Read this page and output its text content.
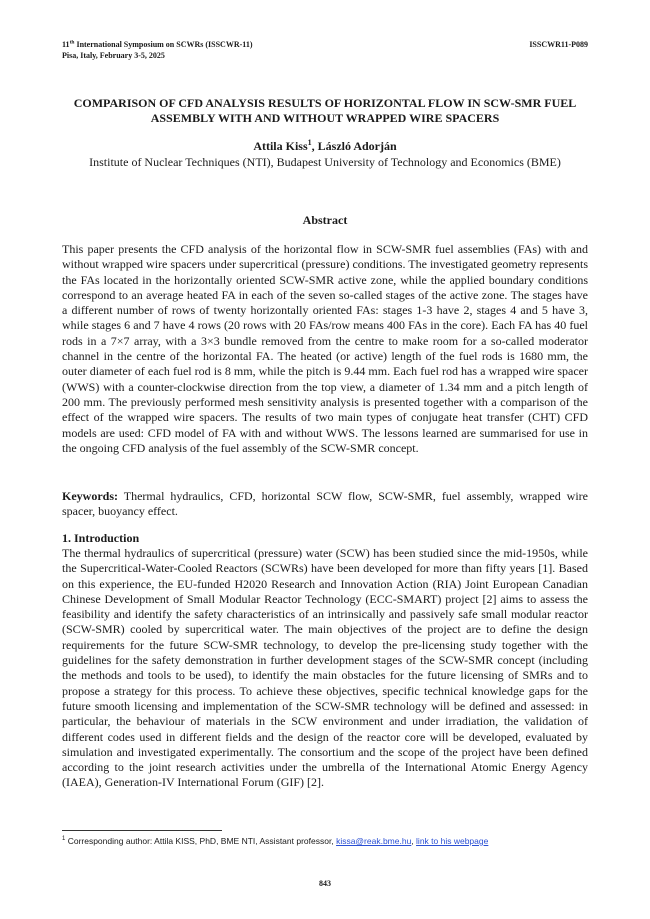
11th International Symposium on SCWRs (ISSCWR-11)
Pisa, Italy, February 3-5, 2025
ISSCWR11-P089
COMPARISON OF CFD ANALYSIS RESULTS OF HORIZONTAL FLOW IN SCW-SMR FUEL ASSEMBLY WITH AND WITHOUT WRAPPED WIRE SPACERS
Attila Kiss$^1$, László Adorján
Institute of Nuclear Techniques (NTI), Budapest University of Technology and Economics (BME)
Abstract
This paper presents the CFD analysis of the horizontal flow in SCW-SMR fuel assemblies (FAs) with and without wrapped wire spacers under supercritical (pressure) conditions. The investigated geometry represents the FAs located in the horizontally oriented SCW-SMR active zone, while the applied boundary conditions correspond to an average heated FA in each of the seven so-called stages of the active zone. The stages have a different number of rows of twenty horizontally oriented FAs: stages 1-3 have 2, stages 4 and 5 have 3, while stages 6 and 7 have 4 rows (20 rows with 20 FAs/row means 400 FAs in the core). Each FA has 40 fuel rods in a 7×7 array, with a 3×3 bundle removed from the centre to make room for a so-called moderator channel in the centre of the horizontal FA. The heated (or active) length of the fuel rods is 1680 mm, the outer diameter of each fuel rod is 8 mm, while the pitch is 9.44 mm. Each fuel rod has a wrapped wire spacer (WWS) with a counter-clockwise direction from the top view, a diameter of 1.34 mm and a pitch length of 200 mm. The previously performed mesh sensitivity analysis is presented together with a comparison of the effect of the wrapped wire spacers. The results of two main types of conjugate heat transfer (CHT) CFD models are used: CFD model of FA with and without WWS. The lessons learned are summarised for use in the ongoing CFD analysis of the fuel assembly of the SCW-SMR concept.
Keywords: Thermal hydraulics, CFD, horizontal SCW flow, SCW-SMR, fuel assembly, wrapped wire spacer, buoyancy effect.
1. Introduction
The thermal hydraulics of supercritical (pressure) water (SCW) has been studied since the mid-1950s, while the Supercritical-Water-Cooled Reactors (SCWRs) have been developed for more than fifty years [1]. Based on this experience, the EU-funded H2020 Research and Innovation Action (RIA) Joint European Canadian Chinese Development of Small Modular Reactor Technology (ECC-SMART) project [2] aims to assess the feasibility and identify the safety characteristics of an intrinsically and passively safe small modular reactor (SCW-SMR) cooled by supercritical water. The main objectives of the project are to define the design requirements for the future SCW-SMR technology, to develop the pre-licensing study together with the guidelines for the safety demonstration in further development stages of the SCW-SMR concept (including the methods and tools to be used), to identify the main obstacles for the future licensing of SMRs and to propose a strategy for this process. To achieve these objectives, specific technical knowledge gaps for the future smooth licensing and implementation of the SCW-SMR technology will be defined and assessed: in particular, the behaviour of materials in the SCW environment and under irradiation, the validation of different codes used in different fields and the design of the reactor core will be developed, evaluated by simulation and investigated experimentally. The consortium and the scope of the project have been defined according to the joint research activities under the umbrella of the International Atomic Energy Agency (IAEA), Generation-IV International Forum (GIF) [2].
$^1$ Corresponding author: Attila KISS, PhD, BME NTI, Assistant professor, kissa@reak.bme.hu, link to his webpage
843
